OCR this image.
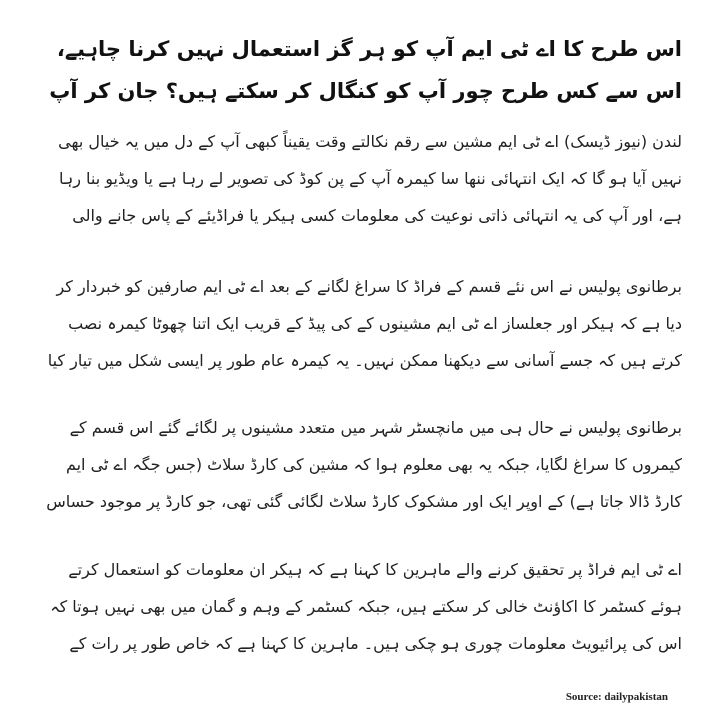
اس طرح کا اے ٹی ایم آپ کو ہر گز استعمال نہیں کرنا چاہیے، اس سے کس طرح چور آپ کو کنگال کر سکتے ہیں؟ جان کر آپ

لندن (نیوز ڈیسک) اے ٹی ایم مشین سے رقم نکالتے وقت یقیناً کبھی آپ کے دل میں یہ خیال بھی نہیں آیا ہو گا کہ ایک انتہائی ننھا سا کیمرہ آپ کے پن کوڈ کی تصویر لے رہا ہے یا ویڈیو بنا رہا ہے، اور آپ کی یہ انتہائی ذاتی نوعیت کی معلومات کسی ہیکر یا فراڈیئے کے پاس جانے والی

برطانوی پولیس نے اس نئے قسم کے فراڈ کا سراغ لگانے کے بعد اے ٹی ایم صارفین کو خبردار کر دیا ہے کہ ہیکر اور جعلساز اے ٹی ایم مشینوں کے کی پیڈ کے قریب ایک اتنا چھوٹا کیمرہ نصب کرتے ہیں کہ جسے آسانی سے دیکھنا ممکن نہیں۔ یہ کیمرہ عام طور پر ایسی شکل میں تیار کیا

برطانوی پولیس نے حال ہی میں مانچسٹر شہر میں متعدد مشینوں پر لگائے گئے اس قسم کے کیمروں کا سراغ لگایا، جبکہ یہ بھی معلوم ہوا کہ مشین کی کارڈ سلاٹ (جس جگہ اے ٹی ایم کارڈ ڈالا جاتا ہے) کے اوپر ایک اور مشکوک کارڈ سلاٹ لگائی گئی تھی، جو کارڈ پر موجود حساس

اے ٹی ایم فراڈ پر تحقیق کرنے والے ماہرین کا کہنا ہے کہ ہیکر ان معلومات کو استعمال کرتے ہوئے کسٹمر کا اکاﺅنٹ خالی کر سکتے ہیں، جبکہ کسٹمر کے وہم و گمان میں بھی نہیں ہوتا کہ اس کی پرائیویٹ معلومات چوری ہو چکی ہیں۔ ماہرین کا کہنا ہے کہ خاص طور پر رات کے

Source: dailypakistan
